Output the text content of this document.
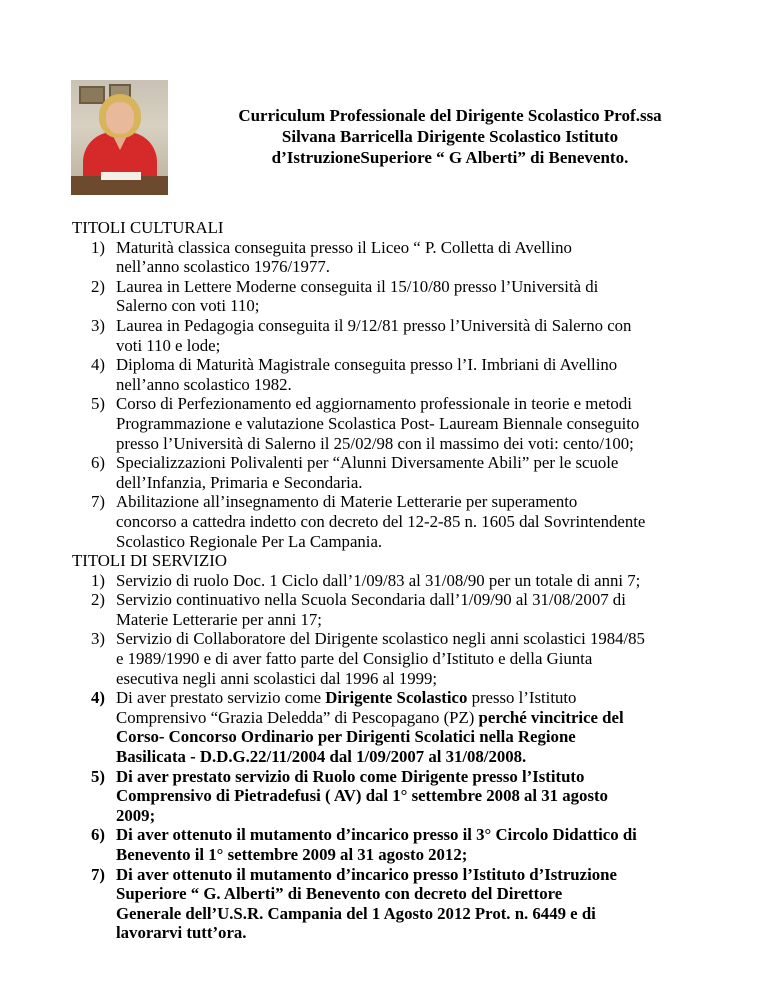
Curriculum Professionale del Dirigente Scolastico Prof.ssa
Silvana Barricella Dirigente Scolastico Istituto
d’IstruzioneSuperiore “ G Alberti” di Benevento.
TITOLI CULTURALI
1) Maturità classica conseguita presso il Liceo “ P. Colletta di Avellino
nell’anno scolastico 1976/1977.
2) Laurea in Lettere Moderne conseguita il 15/10/80 presso l’Università di
Salerno con voti 110;
3) Laurea in Pedagogia conseguita il 9/12/81 presso l’Università di Salerno con
voti 110 e lode;
4) Diploma di Maturità Magistrale conseguita presso l’I. Imbriani di Avellino
nell’anno scolastico 1982.
5) Corso di Perfezionamento ed aggiornamento professionale in teorie e metodi
Programmazione e valutazione Scolastica Post- Lauream Biennale conseguito
presso l’Università di Salerno il 25/02/98 con il massimo dei voti: cento/100;
6) Specializzazioni Polivalenti per “Alunni Diversamente Abili” per le scuole
dell’Infanzia, Primaria e Secondaria.
7) Abilitazione all’insegnamento di Materie Letterarie per superamento
concorso a cattedra indetto con decreto del 12-2-85 n. 1605 dal Sovrintendente
Scolastico Regionale Per La Campania.
TITOLI DI SERVIZIO
1) Servizio di ruolo Doc. 1 Ciclo dall’1/09/83 al 31/08/90 per un totale di anni 7;
2) Servizio continuativo nella Scuola Secondaria dall’1/09/90 al 31/08/2007 di
Materie Letterarie per anni 17;
3) Servizio di Collaboratore del Dirigente scolastico negli anni scolastici 1984/85
e 1989/1990 e di aver fatto parte del Consiglio d’Istituto e della Giunta
esecutiva negli anni scolastici dal 1996 al 1999;
4) Di aver prestato servizio come Dirigente Scolastico presso l’Istituto
Comprensivo “Grazia Deledda” di Pescopagano (PZ) perché vincitrice del
Corso- Concorso Ordinario per Dirigenti Scolatici nella Regione
Basilicata - D.D.G.22/11/2004 dal 1/09/2007 al 31/08/2008.
5) Di aver prestato servizio di Ruolo come Dirigente presso l’Istituto
Comprensivo di Pietradefusi ( AV) dal 1° settembre 2008 al 31 agosto
2009;
6) Di aver ottenuto il mutamento d’incarico presso il 3° Circolo Didattico di
Benevento il 1° settembre 2009 al 31 agosto 2012;
7) Di aver ottenuto il mutamento d’incarico presso l’Istituto d’Istruzione
Superiore “ G. Alberti” di Benevento con decreto del Direttore
Generale dell’U.S.R. Campania del 1 Agosto 2012 Prot. n. 6449 e di
lavorarvi tutt’ora.
